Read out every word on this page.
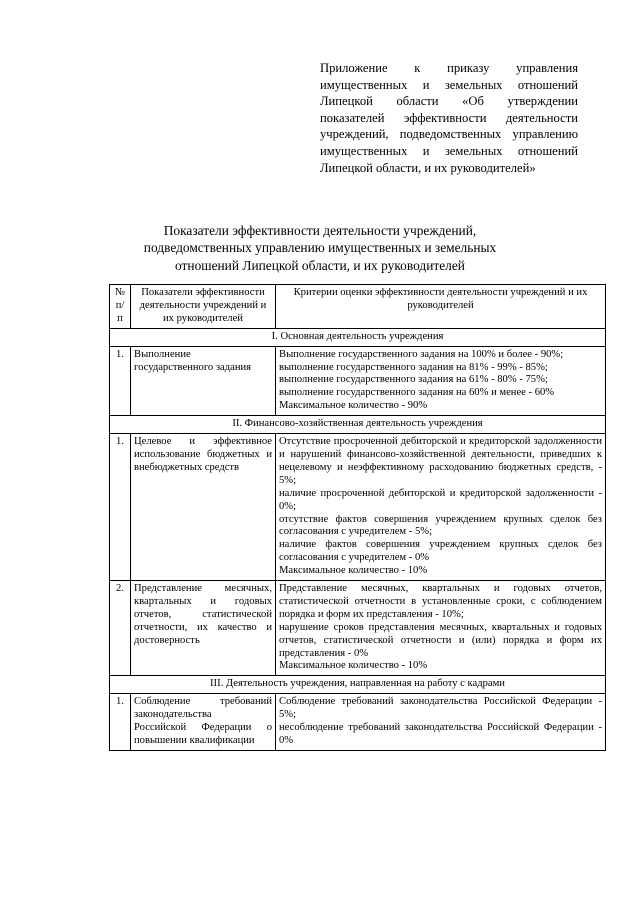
Приложение к приказу управления имущественных и земельных отношений Липецкой области «Об утверждении показателей эффективности деятельности учреждений, подведомственных управлению имущественных и земельных отношений Липецкой области, и их руководителей»
Показатели эффективности деятельности учреждений,
подведомственных управлению имущественных и земельных
отношений Липецкой области, и их руководителей
№ п/п	Показатели эффективности деятельности учреждений и их руководителей	Критерии оценки эффективности деятельности учреждений и их руководителей
I. Основная деятельность учреждения		
1.	Выполнение государственного задания	Выполнение государственного задания на 100% и более - 90%;
выполнение государственного задания на 81% - 99% - 85%;
выполнение государственного задания на 61% - 80% - 75%;
выполнение государственного задания на 60% и менее - 60%
Максимальное количество - 90%

II. Финансово-хозяйственная деятельность учреждения		
1.	Целевое и эффективное использование бюджетных и внебюджетных средств	Отсутствие просроченной дебиторской и кредиторской задолженности и нарушений финансово-хозяйственной деятельности, приведших к нецелевому и неэффективному расходованию бюджетных средств, - 5%;
наличие просроченной дебиторской и кредиторской задолженности - 0%;
отсутствие фактов совершения учреждением крупных сделок без согласования с учредителем - 5%;
наличие фактов совершения учреждением крупных сделок без согласования с учредителем - 0%
Максимальное количество - 10%

2.	Представление месячных, квартальных и годовых отчетов, статистической отчетности, их качество и достоверность	Представление месячных, квартальных и годовых отчетов, статистической отчетности в установленные сроки, с соблюдением порядка и форм их представления - 10%;
нарушение сроков представления месячных, квартальных и годовых отчетов, статистической отчетности и (или) порядка и форм их представления - 0%
Максимальное количество - 10%

III. Деятельность учреждения, направленная на работу с кадрами		
1.	Соблюдение требований законодательства
Российской Федерации о повышении квалификации	Соблюдение требований законодательства Российской Федерации - 5%;
несоблюдение требований законодательства Российской Федерации - 0%
